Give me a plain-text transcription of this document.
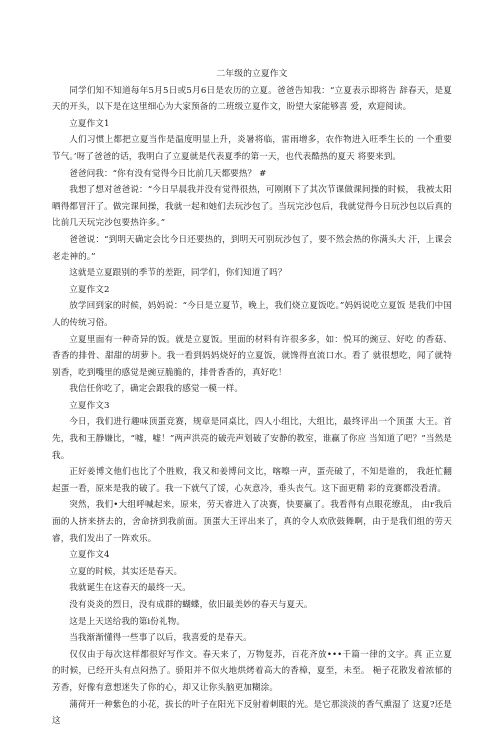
二年级的立夏作文

同学们知不知道每年5月5日或5月6日是农历的立夏。爸爸告知我：“立夏表示即将告 辞春天，是夏天的开头，以下是在这里细心为大家预备的二班级立夏作文，盼望大家能够喜 爱，欢迎阅读。

立夏作文1

人们习惯上都把立夏当作是温度明显上升，炎暑将临，雷雨增多，农作物进入旺季生长的 一个重要节气。’呀了爸爸的话，我明白了立夏就是代表夏季的第一天，也代表酷热的夏天 将要来到。

爸爸问我：“你有没有觉得今日比前几天都要热？ #

我想了想对爸爸说：“今日早晨我并没有觉得很热，可刚刚下了其次节课做课间操的时候， 我被太阳晒得都冒汗了。做完课间操，我就一起和她们去玩沙包了。当玩完沙包后，我就觉得今日玩沙包以后真的比前几天玩完沙包要热许多。”

爸爸说：“到明天确定会比今日还要热的，到明天可别玩沙包了，要不然会热的你满头大 汗，上课会老走神的。”

这就是立夏跟别的季节的差距，同学们，你们知道了吗？

立夏作文2

放学回到家的时候，妈妈说：“今日是立夏节，晚上，我们烧立夏饭吃。”妈妈说吃立夏饭 是我们中国人的传统习俗。

立夏里面有一种奇异的饭。就是立夏饭。里面的材料有许很多多，如：悦耳的豌豆、好吃 的香菇、香香的排骨、甜甜的胡萝卜。我一看到妈妈烧好的立夏饭，就馋得直流口水。看了 就很想吃，闻了就特别香，吃到嘴里的感觉是豌豆脆脆的，排骨香香的，真好吃！

我信任你吃了，确定会跟我的感觉一模一样。

立夏作文3

今日，我们进行趣味顶蛋竞赛，规章是同桌比，四人小组比，大组比，最终评出一个顶蛋 大王。首先，我和王静嫌比，“嘘，嘘！”两声洪亮的破壳声划破了安静的教室，谁赢了你应 当知道了吧？”当然是我。

正好姜博文他们也比了个胜败，我又和姜博问文比，喀嚓一声，蛋壳破了，不知是谁的， 我赶忙翻起蛋一看，原来是我的破了。我一下就气了馁，心灰意冷，垂头丧气。这下面更精 彩的竞赛都没看清。

突然，我们•大组呼喊起来，原来，劳天睿进入了决赛，快要赢了。我看得有点眼花缭乱， 由r我后面的人挤来挤去的，舍命挤到我前面。顶蛋大王评出来了，真的令人欢欣鼓舞啊，由于是我们组的劳天睿，我们发出了一阵欢乐。

立夏作文4

立夏的时候，其实还是春天。

我就诞生在这春天的最终一天。

没有炎炎的烈日，没有成群的蝴蝶，依旧最美妙的春天与夏天。

这是上天送给我的第i份礼物。

当我渐渐懂得一些事了以后，我喜爱的是春天。

仅仅由于每次这样都很好写作文。春天来了，万物复苏，百花齐放•••千篇一律的文字。真 正立夏的时候，已经开头有点闷热了。骄阳并不似火地烘烤着高大的香樟，夏至，未至。 梔子花散发着浓郁的芳香，好像有意想迷失了你的心，却又让你头脑更加糊涂。

蒲荷开一种紫色的小花，拔长的叶子在阳光下反射着刺眼的光。是它那淡淡的香气熏湿了 这夏?还是这
